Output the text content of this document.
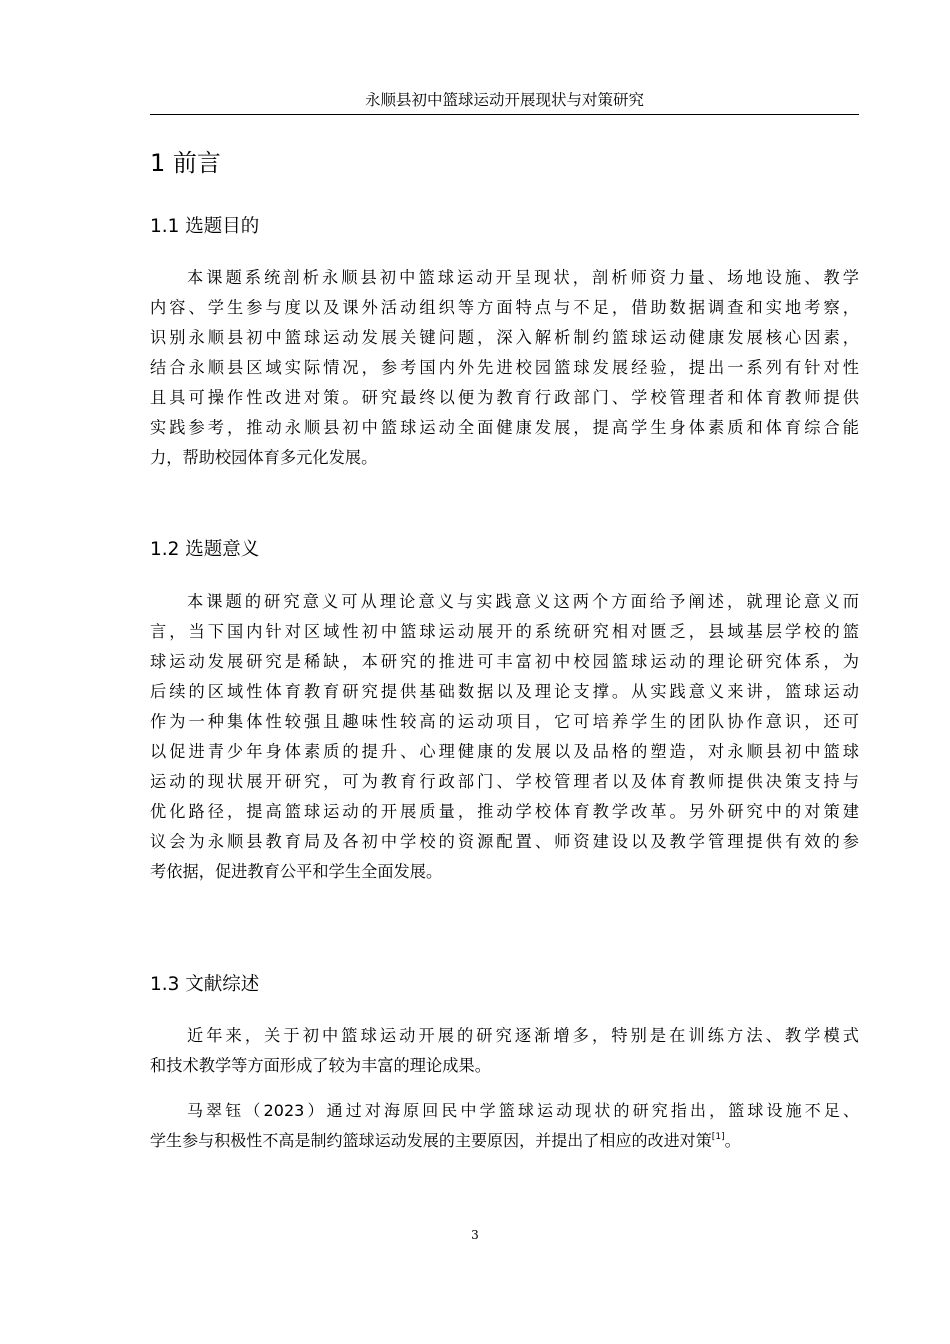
永顺县初中篮球运动开展现状与对策研究
1 前言
1.1 选题目的
本课题系统剖析永顺县初中篮球运动开呈现状，剖析师资力量、场地设施、教学
内容、学生参与度以及课外活动组织等方面特点与不足，借助数据调查和实地考察，
识别永顺县初中篮球运动发展关键问题，深入解析制约篮球运动健康发展核心因素，
结合永顺县区域实际情况，参考国内外先进校园篮球发展经验，提出一系列有针对性
且具可操作性改进对策。研究最终以便为教育行政部门、学校管理者和体育教师提供
实践参考，推动永顺县初中篮球运动全面健康发展，提高学生身体素质和体育综合能
力，帮助校园体育多元化发展。
1.2 选题意义
本课题的研究意义可从理论意义与实践意义这两个方面给予阐述，就理论意义而
言，当下国内针对区域性初中篮球运动展开的系统研究相对匮乏，县域基层学校的篮
球运动发展研究是稀缺，本研究的推进可丰富初中校园篮球运动的理论研究体系，为
后续的区域性体育教育研究提供基础数据以及理论支撑。从实践意义来讲，篮球运动
作为一种集体性较强且趣味性较高的运动项目，它可培养学生的团队协作意识，还可
以促进青少年身体素质的提升、心理健康的发展以及品格的塑造，对永顺县初中篮球
运动的现状展开研究，可为教育行政部门、学校管理者以及体育教师提供决策支持与
优化路径，提高篮球运动的开展质量，推动学校体育教学改革。另外研究中的对策建
议会为永顺县教育局及各初中学校的资源配置、师资建设以及教学管理提供有效的参
考依据，促进教育公平和学生全面发展。
1.3 文献综述
近年来，关于初中篮球运动开展的研究逐渐增多，特别是在训练方法、教学模式
和技术教学等方面形成了较为丰富的理论成果。
马翠钰（2023）通过对海原回民中学篮球运动现状的研究指出，篮球设施不足、
学生参与积极性不高是制约篮球运动发展的主要原因，并提出了相应的改进对策[1]。
3
